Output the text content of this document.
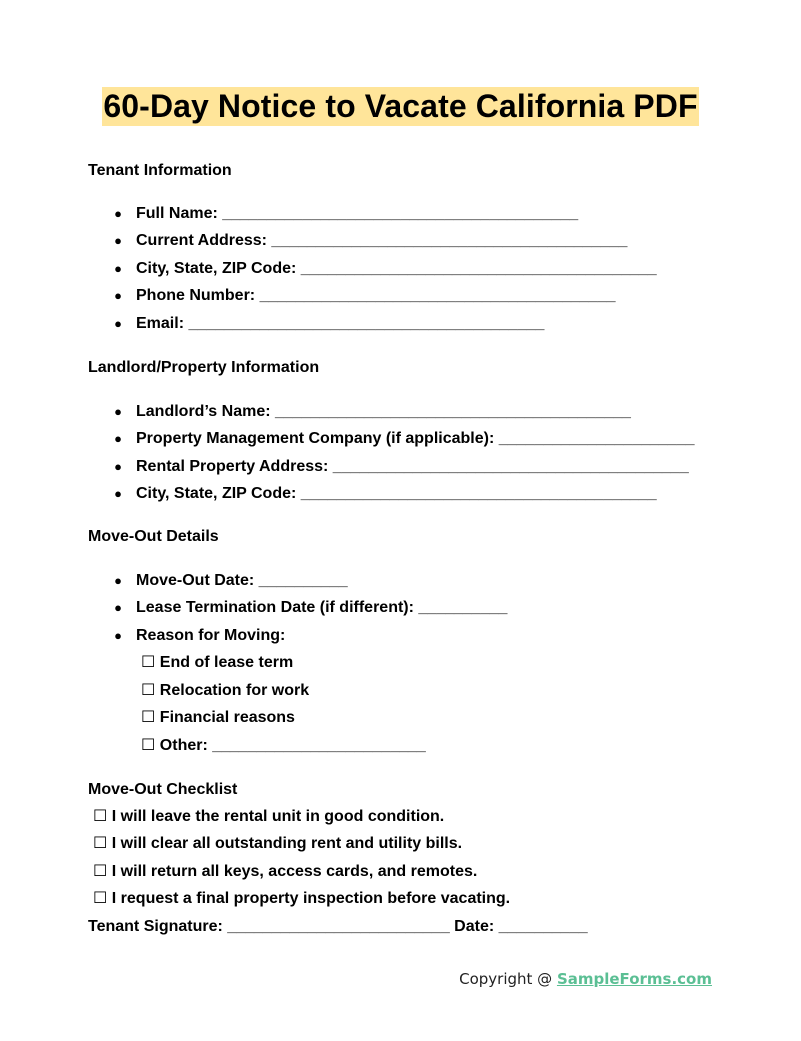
60-Day Notice to Vacate California PDF
Tenant Information
● Full Name: ________________________________________
● Current Address: ________________________________________
● City, State, ZIP Code: ________________________________________
● Phone Number: ________________________________________
● Email: ________________________________________
Landlord/Property Information
● Landlord’s Name: ________________________________________
● Property Management Company (if applicable): ______________________
● Rental Property Address: ________________________________________
● City, State, ZIP Code: ________________________________________
Move-Out Details
● Move-Out Date: __________
● Lease Termination Date (if different): __________
● Reason for Moving:
☐ End of lease term
☐ Relocation for work
☐ Financial reasons
☐ Other: ________________________
Move-Out Checklist
☐ I will leave the rental unit in good condition.
☐ I will clear all outstanding rent and utility bills.
☐ I will return all keys, access cards, and remotes.
☐ I request a final property inspection before vacating.
Tenant Signature: _________________________ Date: __________
Copyright @ SampleForms.com
